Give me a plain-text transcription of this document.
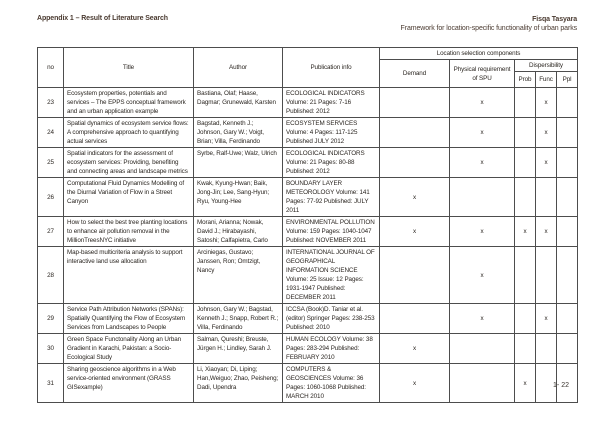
Appendix 1 – Result of Literature Search	Fisqa Tasyara
Framework for location-specific functionality of urban parks
no	Title	Author	Publication info	Location selection components				
				Demand	Physical requirement of SPU	Dispersibility		
						Prob	Func	Ppl
23	Ecosystem properties, potentials and services – The EPPS conceptual framework and an urban application example	Bastiana, Olaf; Haase, Dagmar; Grunewald, Karsten	ECOLOGICAL INDICATORS Volume: 21 Pages: 7-16 Published: 2012		x		x	
24	Spatial dynamics of ecosystem service flows: A comprehensive approach to quantifying actual services	Bagstad, Kenneth J.; Johnson, Gary W.; Voigt, Brian; Villa, Ferdinando	ECOSYSTEM SERVICES Volume: 4 Pages: 117-125 Published JULY 2012		x		x	
25	Spatial indicators for the assessment of ecosystem services: Providing, benefiting and connecting areas and landscape metrics	Syrbe, Ralf-Uwe; Walz, Ulrich	ECOLOGICAL INDICATORS Volume: 21 Pages: 80-88 Published: 2012		x		x	
26	Computational Fluid Dynamics Modelling of the Diurnal Variation of Flow in a Street Canyon	Kwak, Kyung-Hwan; Baik, Jong-Jin; Lee, Sang-Hyun; Ryu, Young-Hee	BOUNDARY LAYER METEOROLOGY Volume: 141 Pages: 77-92 Published: JULY 2011	x				
27	How to select the best tree planting locations to enhance air pollution removal in the MillionTreesNYC initiative	Morani, Arianna; Nowak, David J.; Hirabayashi, Satoshi; Calfapietra, Carlo	ENVIRONMENTAL POLLUTION Volume: 159 Pages: 1040-1047 Published: NOVEMBER 2011	x	x	x	x	
28	Map-based multicriteria analysis to support interactive land use allocation	Arciniegas, Gustavo; Janssen, Ron; Omtzigt, Nancy	INTERNATIONAL JOURNAL OF GEOGRAPHICAL INFORMATION SCIENCE Volume: 25 Issue: 12 Pages: 1931-1947 Published: DECEMBER 2011		x			
29	Service Path Attribution Networks (SPANs): Spatially Quantifying the Flow of Ecosystem Services from Landscapes to People	Johnson, Gary W.; Bagstad, Kenneth J.; Snapp, Robert R.; Villa, Ferdinando	ICCSA (Book)D. Taniar et al. (editor) Springer Pages: 238-253 Published: 2010		x		x	
30	Green Space Functonality Along an Urban Gradient in Karachi, Pakistan: a Socio-Ecological Study	Salman, Qureshi; Breuste, Jürgen H.; Lindley, Sarah J.	HUMAN ECOLOGY Volume: 38 Pages: 283-294 Published: FEBRUARY 2010	x				
31	Sharing geoscience algorithms in a Web service-oriented environment (GRASS GISexample)	Li, Xiaoyan; Di, Liping; Han,Weiguo; Zhao, Peisheng; Dadi, Upendra	COMPUTERS & GEOSCIENCES Volume: 36 Pages: 1060-1068 Published: MARCH 2010	x		x			1- 22
